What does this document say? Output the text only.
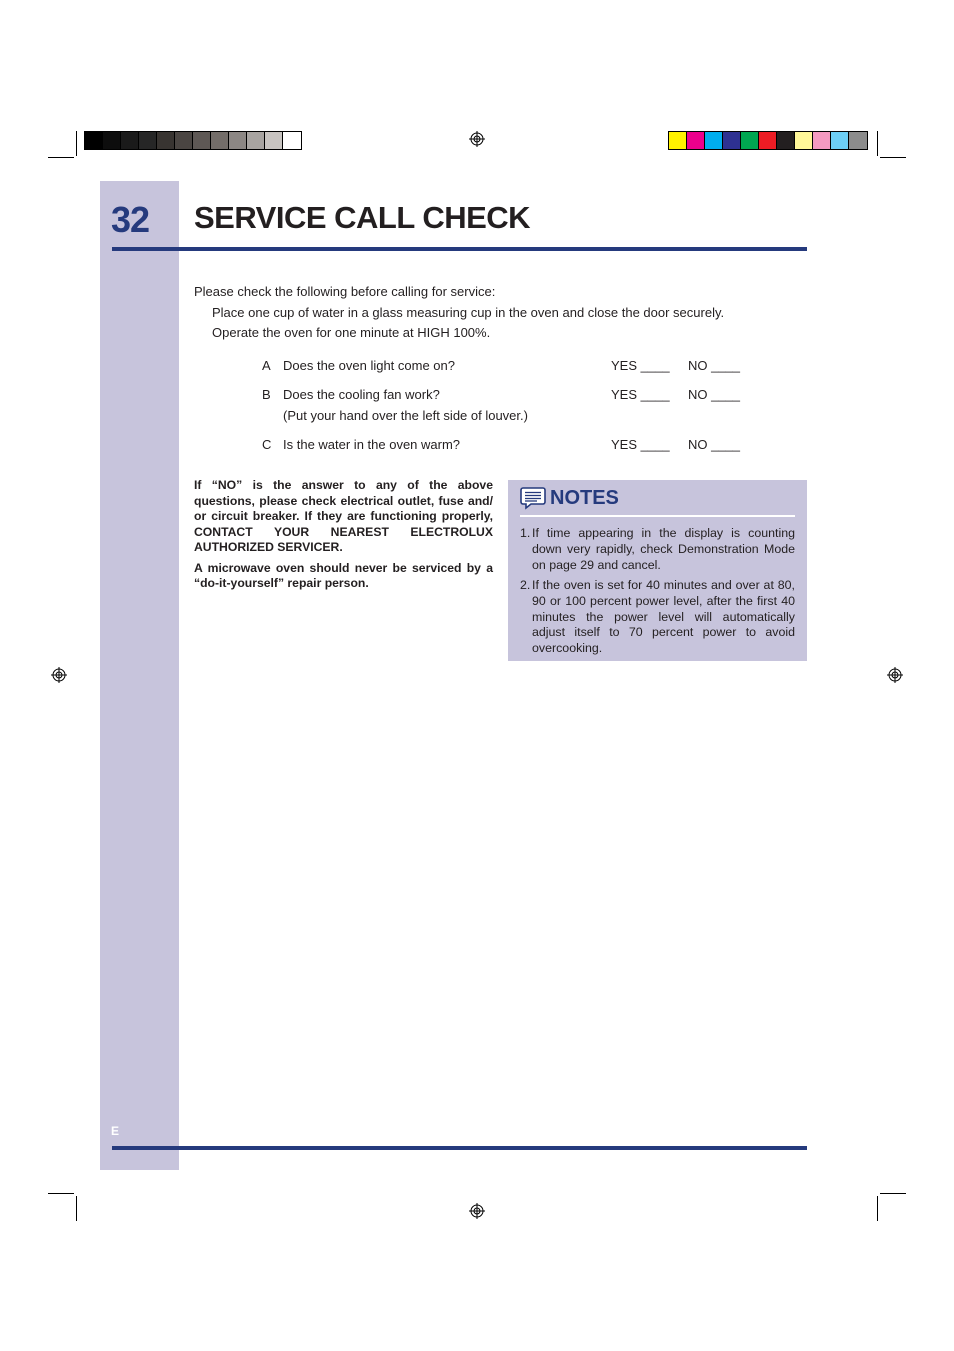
32 SERVICE CALL CHECK
Please check the following before calling for service:
Place one cup of water in a glass measuring cup in the oven and close the door securely.
Operate the oven for one minute at HIGH 100%.
A Does the oven light come on?	YES ____ NO ____
B Does the cooling fan work?
(Put your hand over the left side of louver.)
YES ____ NO ____
C Is the water in the oven warm?	YES ____ NO ____

If “NO” is the answer to any of the above questions, please check electrical outlet, fuse and/ or circuit breaker. If they are functioning properly, CONTACT YOUR NEAREST ELECTROLUX AUTHORIZED SERVICER.

A microwave oven should never be serviced by a “do-it-yourself” repair person.

NOTES
1. If time appearing in the display is counting down very rapidly, check Demonstration Mode on page 29 and cancel.
2. If the oven is set for 40 minutes and over at 80, 90 or 100 percent power level, after the first 40 minutes the power level will automatically adjust itself to 70 percent power to avoid overcooking.
E
